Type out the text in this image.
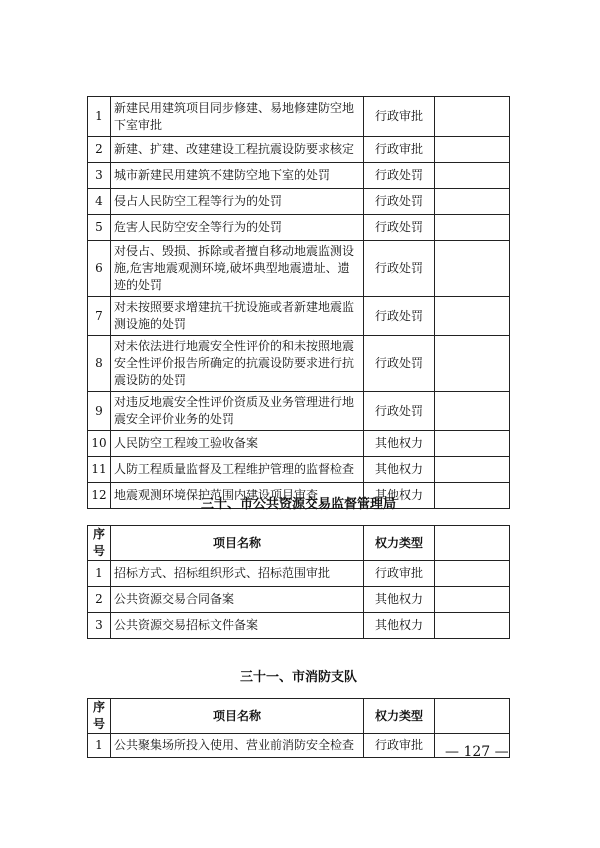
1	新建民用建筑项目同步修建、易地修建防空地下室审批	行政审批	
2	新建、扩建、改建建设工程抗震设防要求核定	行政审批	
3	城市新建民用建筑不建防空地下室的处罚	行政处罚	
4	侵占人民防空工程等行为的处罚	行政处罚	
5	危害人民防空安全等行为的处罚	行政处罚	
6	对侵占、毁损、拆除或者擅自移动地震监测设施,危害地震观测环境,破坏典型地震遗址、遗迹的处罚	行政处罚	
7	对未按照要求增建抗干扰设施或者新建地震监测设施的处罚	行政处罚	
8	对未依法进行地震安全性评价的和未按照地震安全性评价报告所确定的抗震设防要求进行抗震设防的处罚	行政处罚	
9	对违反地震安全性评价资质及业务管理进行地震安全评价业务的处罚	行政处罚	
10	人民防空工程竣工验收备案	其他权力	
11	人防工程质量监督及工程维护管理的监督检查	其他权力	
12	地震观测环境保护范围内建设项目审查	其他权力	

三十、市公共资源交易监督管理局

序号	项目名称	权力类型	
1	招标方式、招标组织形式、招标范围审批	行政审批	
2	公共资源交易合同备案	其他权力	
3	公共资源交易招标文件备案	其他权力	

三十一、市消防支队

序号	项目名称	权力类型	
1	公共聚集场所投入使用、营业前消防安全检查	行政审批	— 127 —
